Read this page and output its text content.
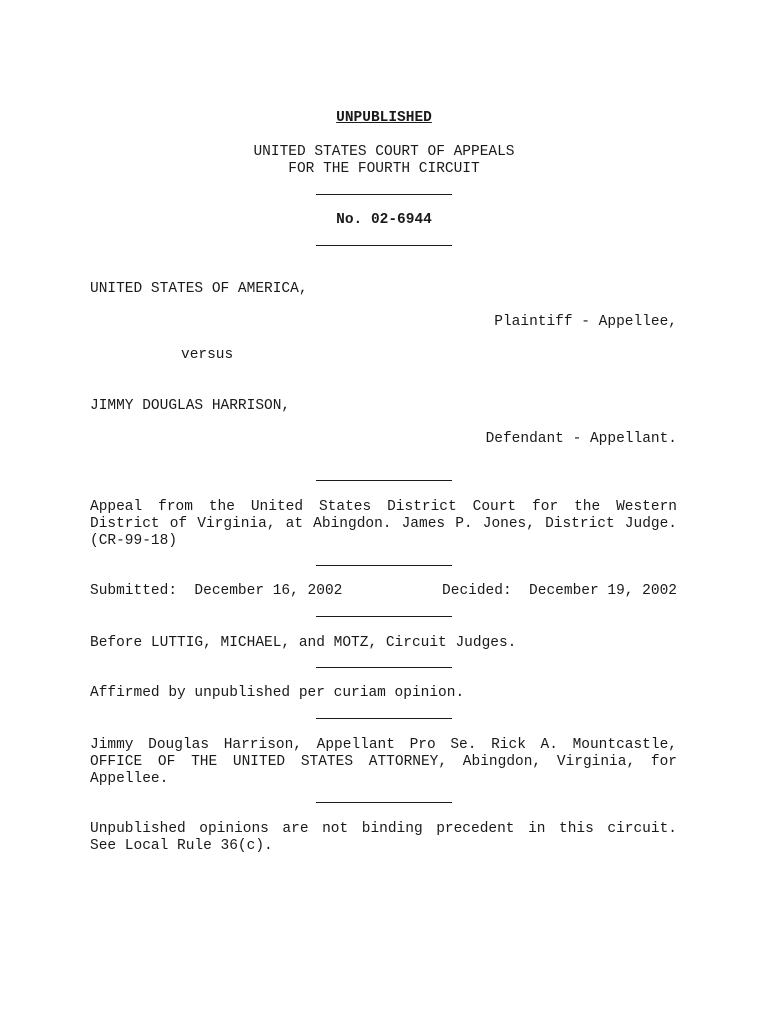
UNPUBLISHED
UNITED STATES COURT OF APPEALS
FOR THE FOURTH CIRCUIT
No. 02-6944
UNITED STATES OF AMERICA,
Plaintiff - Appellee,
versus
JIMMY DOUGLAS HARRISON,
Defendant - Appellant.
Appeal from the United States District Court for the Western
District of Virginia, at Abingdon. James P. Jones, District Judge.
(CR-99-18)
Submitted:  December 16, 2002	Decided:  December 19, 2002
Before LUTTIG, MICHAEL, and MOTZ, Circuit Judges.
Affirmed by unpublished per curiam opinion.
Jimmy Douglas Harrison, Appellant Pro Se. Rick A. Mountcastle,
OFFICE OF THE UNITED STATES ATTORNEY, Abingdon, Virginia, for
Appellee.
Unpublished opinions are not binding precedent in this circuit.
See Local Rule 36(c).
